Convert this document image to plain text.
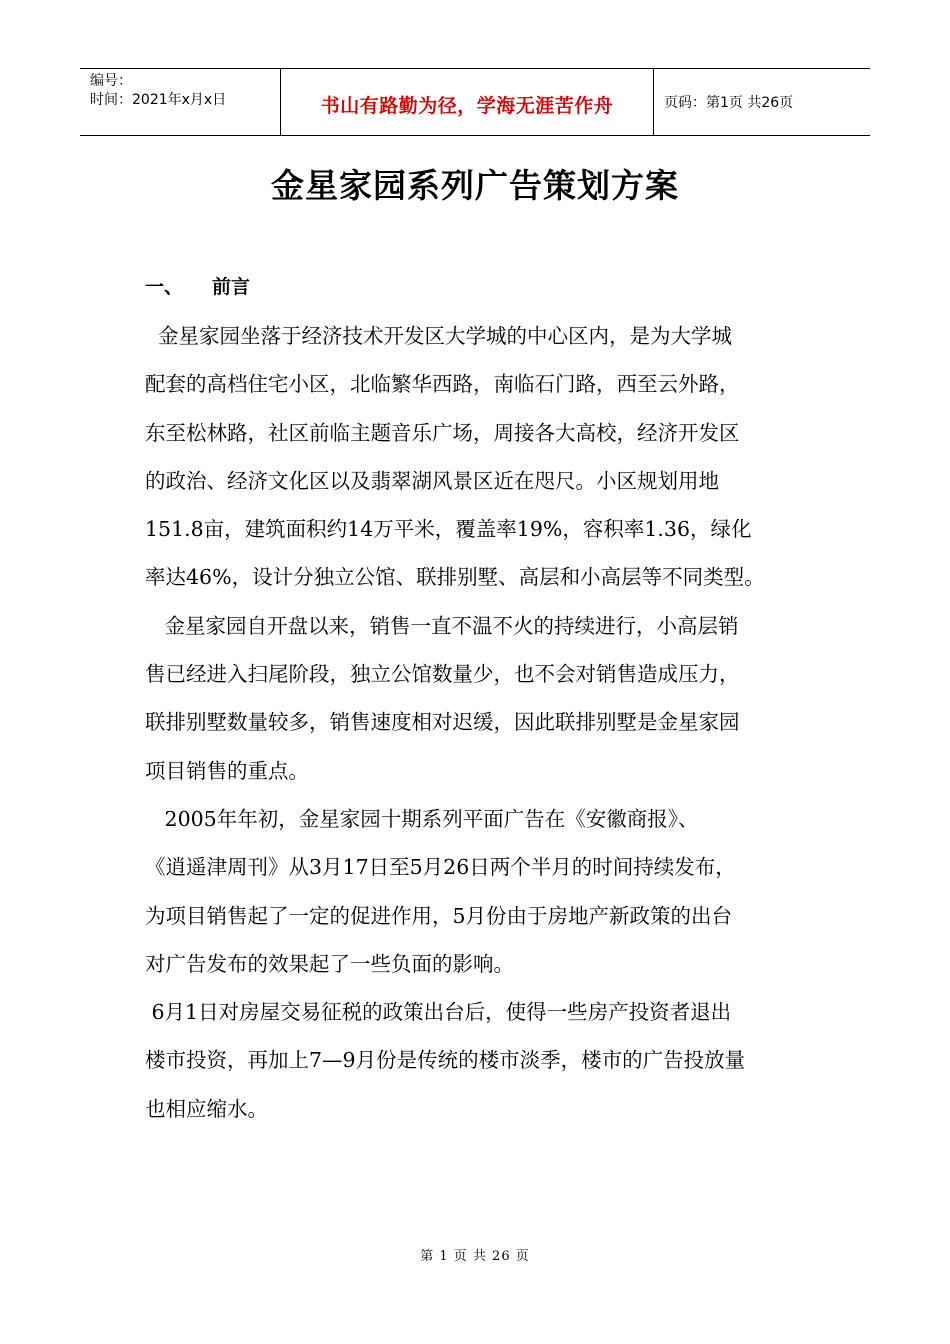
编号：
时间：2021年x月x日	书山有路勤为径，学海无涯苦作舟	页码：第1页 共26页
金星家园系列广告策划方案
一、	前言
金星家园坐落于经济技术开发区大学城的中心区内，是为大学城
配套的高档住宅小区，北临繁华西路，南临石门路，西至云外路，
东至松林路，社区前临主题音乐广场，周接各大高校，经济开发区
的政治、经济文化区以及翡翠湖风景区近在咫尺。小区规划用地
151.8亩，建筑面积约14万平米，覆盖率19%，容积率1.36，绿化
率达46%，设计分独立公馆、联排别墅、高层和小高层等不同类型。
金星家园自开盘以来，销售一直不温不火的持续进行，小高层销
售已经进入扫尾阶段，独立公馆数量少，也不会对销售造成压力，
联排别墅数量较多，销售速度相对迟缓，因此联排别墅是金星家园
项目销售的重点。
2005年年初，金星家园十期系列平面广告在《安徽商报》、
《逍遥津周刊》从3月17日至5月26日两个半月的时间持续发布，
为项目销售起了一定的促进作用，5月份由于房地产新政策的出台
对广告发布的效果起了一些负面的影响。
6月1日对房屋交易征税的政策出台后，使得一些房产投资者退出
楼市投资，再加上7—9月份是传统的楼市淡季，楼市的广告投放量
也相应缩水。
第 1 页 共 26 页
